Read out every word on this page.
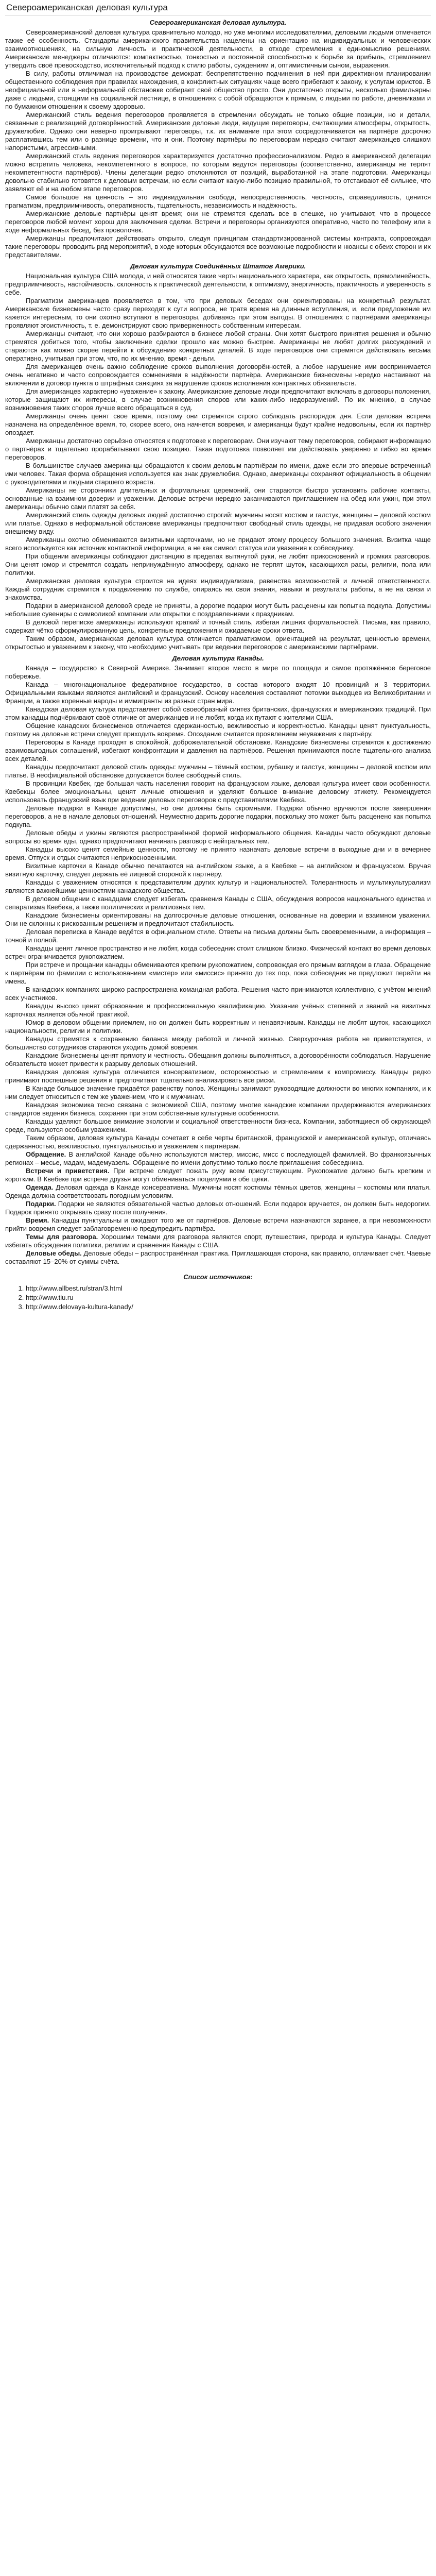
Североамериканская деловая культура
Североамериканская деловая культура.

Североамериканский деловая культура сравнительно молодо, но уже многими исследователями, деловыми людьми отмечается также её особенность. Стандарты американского правительства нацелены на ориентацию на индивидуальных и человеческих взаимоотношениях, на сильную личность и практической деятельности, в отходе стремления к единомыслию решениям. Американские менеджеры отличаются: компактностью, тонкостью и постоянной способностью к борьбе за прибыль, стремлением утвердить своё превосходство, исключительный подход к стилю работы, суждениям и, оптимистичным сыном, выражения.

В силу, работы отличимая на производстве демократ: беспрепятственно подчинения в ней при директивном планировании общественного соблюдения при правилах нахождения, в конфликтных ситуациях чаще всего прибегают к закону, к услугам юристов. В неофициальной или в неформальной обстановке собирает своё общество просто. Они достаточно открыты, несколько фамильярны даже с людьми, стоящими на социальной лестнице, в отношениях с собой обращаются к прямым, с людьми по работе, дневниками и по бумажном отношении к своему здоровью.

Американский стиль ведения переговоров проявляется в стремлении обсуждать не только общие позиции, но и детали, связанные с реализацией договорённостей. Американские деловые люди, ведущие переговоры, считающими атмосферы, открытость, дружелюбие. Однако они неверно проигрывают переговоры, т.к. их внимание при этом сосредотачивается на партнёре досрочно расплатившись тем или о разнице времени, что и они. Поэтому партнёры по переговорам нередко считают американцев слишком напористыми, агрессивными.

Американский стиль ведения переговоров характеризуется достаточно профессионализмом. Редко в американской делегации можно встретить человека, некомпетентного в вопросе, по которым ведутся переговоры (соответственно, американцы не терпят некомпетентности партнёров). Члены делегации редко отклоняются от позиций, выработанной на этапе подготовки. Американцы довольно стабильно готовятся к деловым встречам, но если считают какую-либо позицию правильной, то отстаивают её сильнее, что заявляют её и на любом этапе переговоров.

Самое большое на ценность – это индивидуальная свобода, непосредственность, честность, справедливость, ценится прагматизм, предприимчивость, оперативность, тщательность, независимость и надёжность.

Американские деловые партнёры ценят время; они не стремятся сделать все в спешке, но учитывают, что в процессе переговоров любой момент хорош для заключения сделки. Встречи и переговоры организуются оперативно, часто по телефону или в ходе неформальных бесед, без проволочек.

Американцы предпочитают действовать открыто, следуя принципам стандартизированной системы контракта, сопровождая такие переговоры проводить ряд мероприятий, в ходе которых обсуждаются все возможные подробности и нюансы с обеих сторон и их представителями.

Деловая культура Соединённых Штатов Америки.

Национальная культура США молода, и ней относятся такие черты национального характера, как открытость, прямолинейность, предприимчивость, настойчивость, склонность к практической деятельности, к оптимизму, энергичность, практичность и уверенность в себе.

Прагматизм американцев проявляется в том, что при деловых беседах они ориентированы на конкретный результат. Американские бизнесмены часто сразу переходят к сути вопроса, не тратя время на длинные вступления, и, если предложение им кажется интересным, то они охотно вступают в переговоры, добиваясь при этом выгоды. В отношениях с партнёрами американцы проявляют эгоистичность, т. е. демонстрируют свою приверженность собственным интересам.

Американцы считают, что они хорошо разбираются в бизнесе любой страны. Они хотят быстрого принятия решения и обычно стремятся добиться того, чтобы заключение сделки прошло как можно быстрее. Американцы не любят долгих рассуждений и стараются как можно скорее перейти к обсуждению конкретных деталей. В ходе переговоров они стремятся действовать весьма оперативно, учитывая при этом, что, по их мнению, время - деньги.

Для американцев очень важно соблюдение сроков выполнения договорённостей, а любое нарушение ими воспринимается очень негативно и часто сопровождается сомнениями в надёжности партнёра. Американские бизнесмены нередко настаивают на включении в договор пункта о штрафных санкциях за нарушение сроков исполнения контрактных обязательств.

Для американцев характерно «уважение» к закону. Американские деловые люди предпочитают включать в договоры положения, которые защищают их интересы, в случае возникновения споров или каких-либо недоразумений. По их мнению, в случае возникновения таких споров лучше всего обращаться в суд.

Американцы очень ценят свое время, поэтому они стремятся строго соблюдать распорядок дня. Если деловая встреча назначена на определённое время, то, скорее всего, она начнется вовремя, и американцы будут крайне недовольны, если их партнёр опоздает.

Американцы достаточно серьёзно относятся к подготовке к переговорам. Они изучают тему переговоров, собирают информацию о партнёрах и тщательно прорабатывают свою позицию. Такая подготовка позволяет им действовать уверенно и гибко во время переговоров.

В большинстве случаев американцы обращаются к своим деловым партнёрам по имени, даже если это впервые встреченный ими человек. Такая форма обращения используется как знак дружелюбия. Однако, американцы сохраняют официальность в общении с руководителями и людьми старшего возраста.

Американцы не сторонники длительных и формальных церемоний, они стараются быстро установить рабочие контакты, основанные на взаимном доверии и уважении. Деловые встречи нередко заканчиваются приглашением на обед или ужин, при этом американцы обычно сами платят за себя.

Американский стиль одежды деловых людей достаточно строгий: мужчины носят костюм и галстук, женщины – деловой костюм или платье. Однако в неформальной обстановке американцы предпочитают свободный стиль одежды, не придавая особого значения внешнему виду.

Американцы охотно обмениваются визитными карточками, но не придают этому процессу большого значения. Визитка чаще всего используется как источник контактной информации, а не как символ статуса или уважения к собеседнику.

При общении американцы соблюдают дистанцию в пределах вытянутой руки, не любят прикосновений и громких разговоров. Они ценят юмор и стремятся создать непринуждённую атмосферу, однако не терпят шуток, касающихся расы, религии, пола или политики.

Американская деловая культура строится на идеях индивидуализма, равенства возможностей и личной ответственности. Каждый сотрудник стремится к продвижению по службе, опираясь на свои знания, навыки и результаты работы, а не на связи и знакомства.

Подарки в американской деловой среде не приняты, а дорогие подарки могут быть расценены как попытка подкупа. Допустимы небольшие сувениры с символикой компании или открытки с поздравлениями к праздникам.

В деловой переписке американцы используют краткий и точный стиль, избегая лишних формальностей. Письма, как правило, содержат чётко сформулированную цель, конкретные предложения и ожидаемые сроки ответа.

Таким образом, американская деловая культура отличается прагматизмом, ориентацией на результат, ценностью времени, открытостью и уважением к закону, что необходимо учитывать при ведении переговоров с американскими партнёрами.

Деловая культура Канады.

Канада – государство в Северной Америке. Занимает второе место в мире по площади и самое протяжённое береговое побережье.

Канада – многонациональное федеративное государство, в состав которого входят 10 провинций и 3 территории. Официальными языками являются английский и французский. Основу населения составляют потомки выходцев из Великобритании и Франции, а также коренные народы и иммигранты из разных стран мира.

Канадская деловая культура представляет собой своеобразный синтез британских, французских и американских традиций. При этом канадцы подчёркивают своё отличие от американцев и не любят, когда их путают с жителями США.

Общение канадских бизнесменов отличается сдержанностью, вежливостью и корректностью. Канадцы ценят пунктуальность, поэтому на деловые встречи следует приходить вовремя. Опоздание считается проявлением неуважения к партнёру.

Переговоры в Канаде проходят в спокойной, доброжелательной обстановке. Канадские бизнесмены стремятся к достижению взаимовыгодных соглашений, избегают конфронтации и давления на партнёров. Решения принимаются после тщательного анализа всех деталей.

Канадцы предпочитают деловой стиль одежды: мужчины – тёмный костюм, рубашку и галстук, женщины – деловой костюм или платье. В неофициальной обстановке допускается более свободный стиль.

В провинции Квебек, где большая часть населения говорит на французском языке, деловая культура имеет свои особенности. Квебекцы более эмоциональны, ценят личные отношения и уделяют большое внимание деловому этикету. Рекомендуется использовать французский язык при ведении деловых переговоров с представителями Квебека.

Деловые подарки в Канаде допустимы, но они должны быть скромными. Подарки обычно вручаются после завершения переговоров, а не в начале деловых отношений. Неуместно дарить дорогие подарки, поскольку это может быть расценено как попытка подкупа.

Деловые обеды и ужины являются распространённой формой неформального общения. Канадцы часто обсуждают деловые вопросы во время еды, однако предпочитают начинать разговор с нейтральных тем.

Канадцы высоко ценят семейные ценности, поэтому не принято назначать деловые встречи в выходные дни и в вечернее время. Отпуск и отдых считаются неприкосновенными.

Визитные карточки в Канаде обычно печатаются на английском языке, а в Квебеке – на английском и французском. Вручая визитную карточку, следует держать её лицевой стороной к партнёру.

Канадцы с уважением относятся к представителям других культур и национальностей. Толерантность и мультикультурализм являются важнейшими ценностями канадского общества.

В деловом общении с канадцами следует избегать сравнения Канады с США, обсуждения вопросов национального единства и сепаратизма Квебека, а также политических и религиозных тем.

Канадские бизнесмены ориентированы на долгосрочные деловые отношения, основанные на доверии и взаимном уважении. Они не склонны к рискованным решениям и предпочитают стабильность.

Деловая переписка в Канаде ведётся в официальном стиле. Ответы на письма должны быть своевременными, а информация – точной и полной.

Канадцы ценят личное пространство и не любят, когда собеседник стоит слишком близко. Физический контакт во время деловых встреч ограничивается рукопожатием.

При встрече и прощании канадцы обмениваются крепким рукопожатием, сопровождая его прямым взглядом в глаза. Обращение к партнёрам по фамилии с использованием «мистер» или «миссис» принято до тех пор, пока собеседник не предложит перейти на имена.

В канадских компаниях широко распространена командная работа. Решения часто принимаются коллективно, с учётом мнений всех участников.

Канадцы высоко ценят образование и профессиональную квалификацию. Указание учёных степеней и званий на визитных карточках является обычной практикой.

Юмор в деловом общении приемлем, но он должен быть корректным и ненавязчивым. Канадцы не любят шуток, касающихся национальности, религии и политики.

Канадцы стремятся к сохранению баланса между работой и личной жизнью. Сверхурочная работа не приветствуется, и большинство сотрудников стараются уходить домой вовремя.

Канадские бизнесмены ценят прямоту и честность. Обещания должны выполняться, а договорённости соблюдаться. Нарушение обязательств может привести к разрыву деловых отношений.

Канадская деловая культура отличается консерватизмом, осторожностью и стремлением к компромиссу. Канадцы редко принимают поспешные решения и предпочитают тщательно анализировать все риски.

В Канаде большое значение придаётся равенству полов. Женщины занимают руководящие должности во многих компаниях, и к ним следует относиться с тем же уважением, что и к мужчинам.

Канадская экономика тесно связана с экономикой США, поэтому многие канадские компании придерживаются американских стандартов ведения бизнеса, сохраняя при этом собственные культурные особенности.

Канадцы уделяют большое внимание экологии и социальной ответственности бизнеса. Компании, заботящиеся об окружающей среде, пользуются особым уважением.

Таким образом, деловая культура Канады сочетает в себе черты британской, французской и американской культур, отличаясь сдержанностью, вежливостью, пунктуальностью и уважением к партнёрам.

Обращение. В английской Канаде обычно используются мистер, миссис, мисс с последующей фамилией. Во франкоязычных регионах – месье, мадам, мадемуазель. Обращение по имени допустимо только после приглашения собеседника.

Встречи и приветствия. При встрече следует пожать руку всем присутствующим. Рукопожатие должно быть крепким и коротким. В Квебеке при встрече друзья могут обмениваться поцелуями в обе щёки.

Одежда. Деловая одежда в Канаде консервативна. Мужчины носят костюмы тёмных цветов, женщины – костюмы или платья. Одежда должна соответствовать погодным условиям.

Подарки. Подарки не являются обязательной частью деловых отношений. Если подарок вручается, он должен быть недорогим. Подарок принято открывать сразу после получения.

Время. Канадцы пунктуальны и ожидают того же от партнёров. Деловые встречи назначаются заранее, а при невозможности прийти вовремя следует заблаговременно предупредить партнёра.

Темы для разговора. Хорошими темами для разговора являются спорт, путешествия, природа и культура Канады. Следует избегать обсуждения политики, религии и сравнения Канады с США.

Деловые обеды. Деловые обеды – распространённая практика. Приглашающая сторона, как правило, оплачивает счёт. Чаевые составляют 15–20% от суммы счёта.

Список источников:
1. http://www.allbest.ru/stran/3.html
2. http://www.tiu.ru
3. http://www.delovaya-kultura-kanady/
